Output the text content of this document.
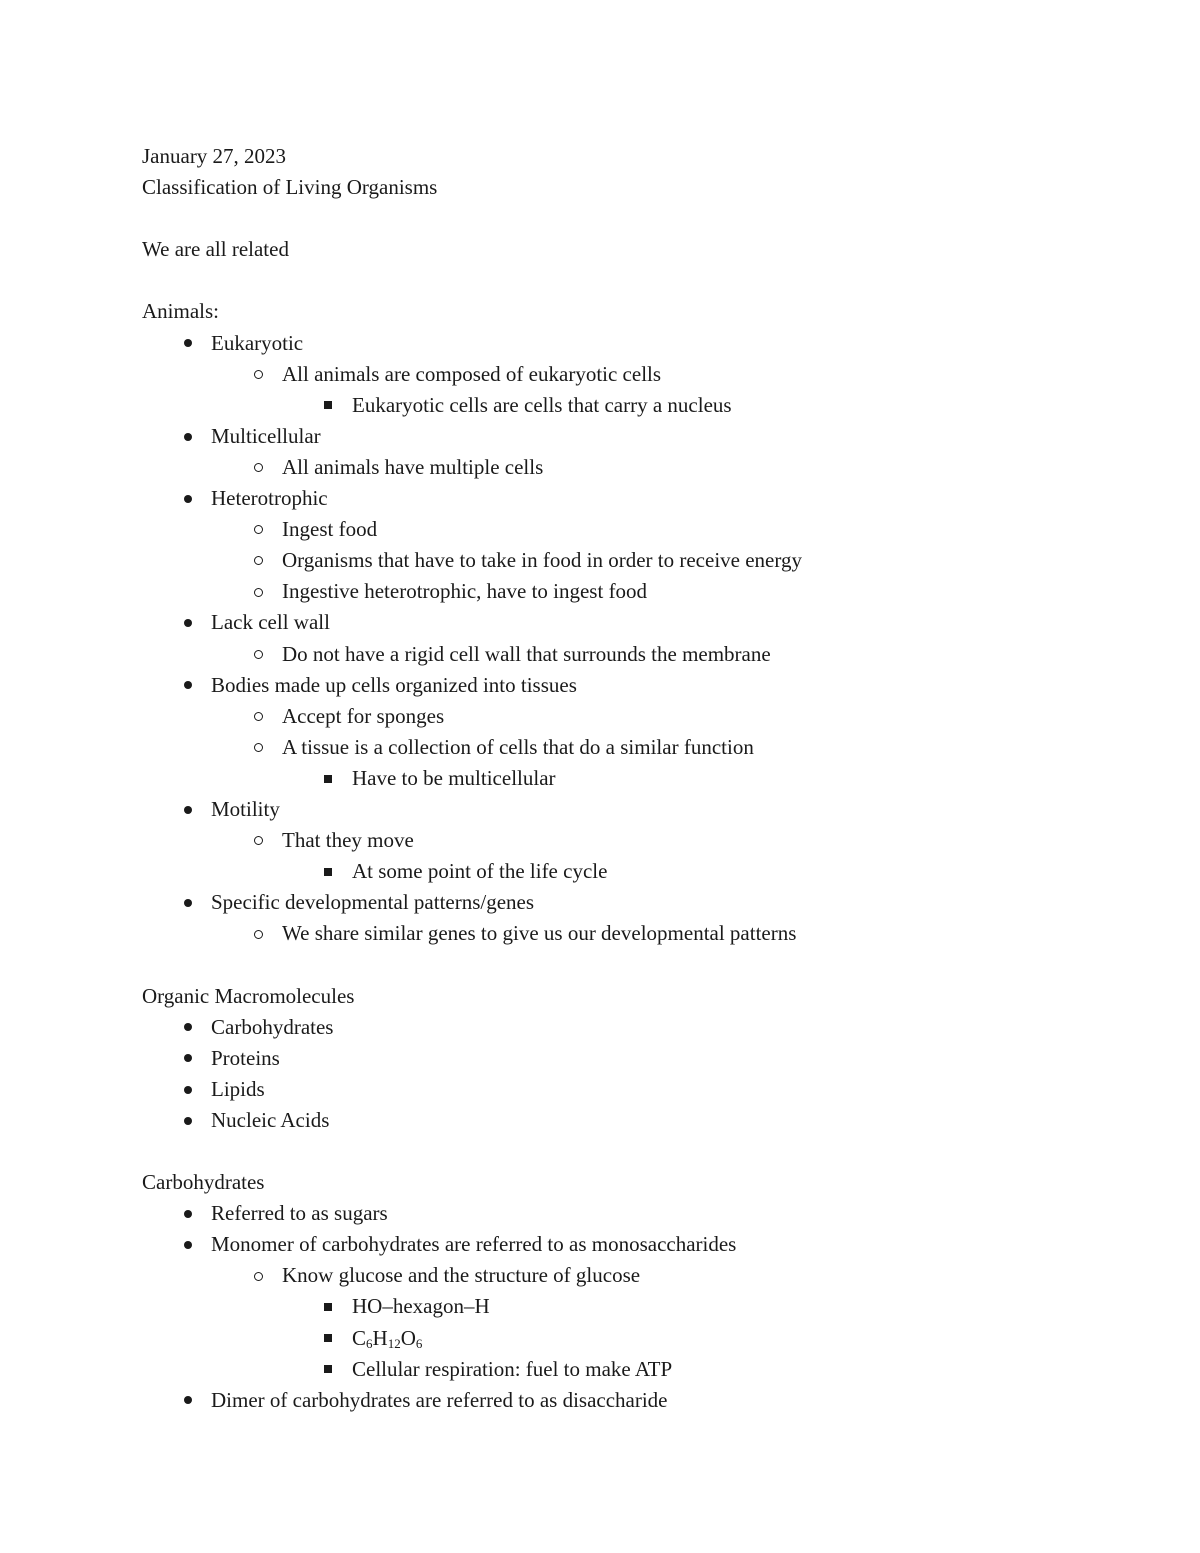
January 27, 2023
Classification of Living Organisms
We are all related
Animals:
Eukaryotic
All animals are composed of eukaryotic cells
Eukaryotic cells are cells that carry a nucleus
Multicellular
All animals have multiple cells
Heterotrophic
Ingest food
Organisms that have to take in food in order to receive energy
Ingestive heterotrophic, have to ingest food
Lack cell wall
Do not have a rigid cell wall that surrounds the membrane
Bodies made up cells organized into tissues
Accept for sponges
A tissue is a collection of cells that do a similar function
Have to be multicellular
Motility
That they move
At some point of the life cycle
Specific developmental patterns/genes
We share similar genes to give us our developmental patterns
Organic Macromolecules
Carbohydrates
Proteins
Lipids
Nucleic Acids
Carbohydrates
Referred to as sugars
Monomer of carbohydrates are referred to as monosaccharides
Know glucose and the structure of glucose
HO–hexagon–H
$C_6H_{12}O_6$
Cellular respiration: fuel to make ATP
Dimer of carbohydrates are referred to as disaccharide
